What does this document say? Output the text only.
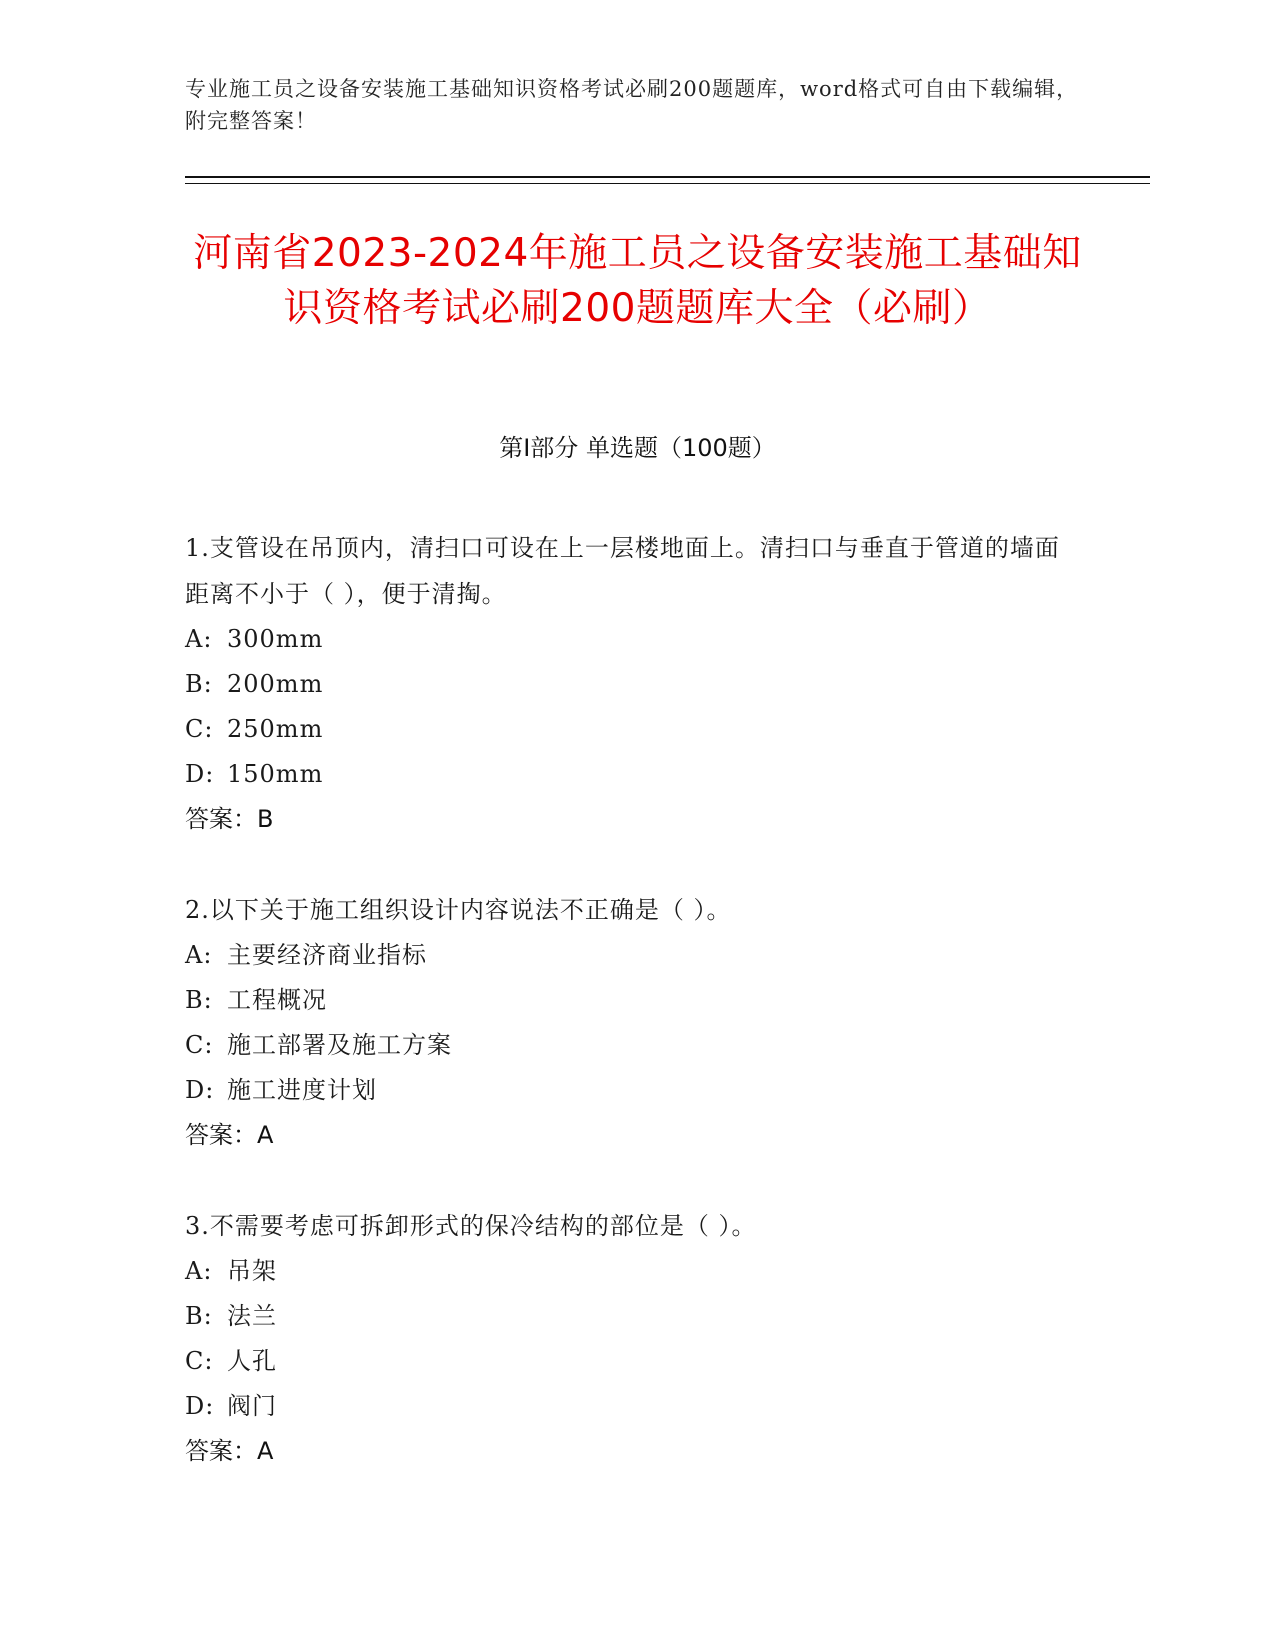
专业施工员之设备安装施工基础知识资格考试必刷200题题库，word格式可自由下载编辑，附完整答案！
河南省2023-2024年施工员之设备安装施工基础知识资格考试必刷200题题库大全（必刷）
第I部分 单选题（100题）
1.支管设在吊顶内，清扫口可设在上一层楼地面上。清扫口与垂直于管道的墙面距离不小于（ ），便于清掏。
A: 300mm
B: 200mm
C: 250mm
D: 150mm
答案：B
2.以下关于施工组织设计内容说法不正确是（ ）。
A: 主要经济商业指标
B: 工程概况
C: 施工部署及施工方案
D: 施工进度计划
答案：A
3.不需要考虑可拆卸形式的保冷结构的部位是（ ）。
A: 吊架
B: 法兰
C: 人孔
D: 阀门
答案：A
